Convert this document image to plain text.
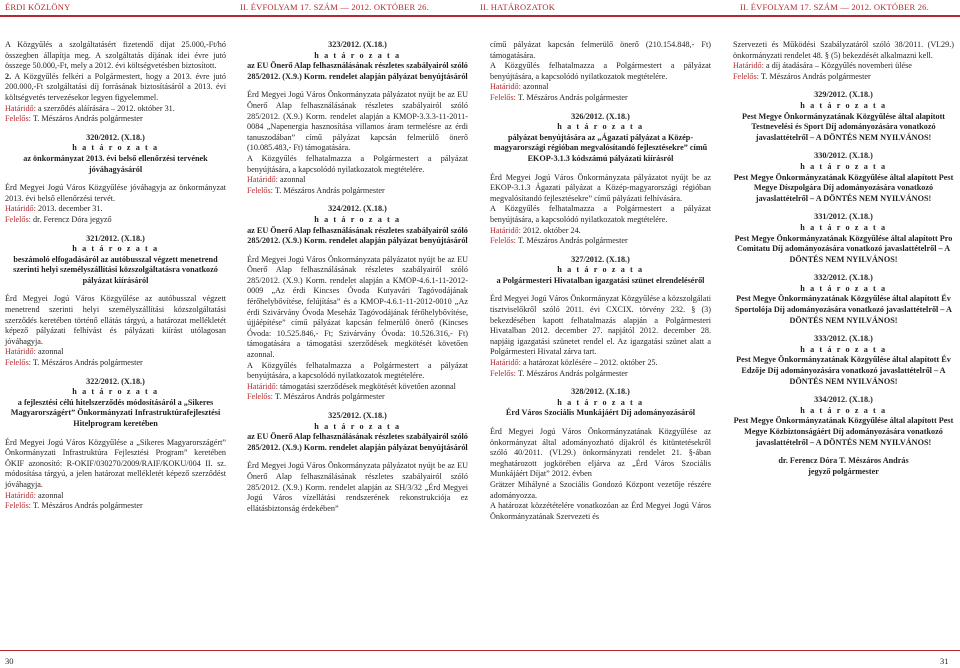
ÉRDI KÖZLÖNY	II. ÉVFOLYAM 17. SZÁM — 2012. OKTÓBER 26.	II. HATÁROZATOK	II. ÉVFOLYAM 17. SZÁM — 2012. OKTÓBER 26.

A Közgyűlés a szolgáltatásért fizetendő díjat 25.000,-Ft/hó összegben állapítja meg. A szolgáltatás díjának idei évre jutó összege 50.000,-Ft, mely a 2012. évi költségvetésben biztosított.

2. A Közgyűlés felkéri a Polgármestert, hogy a 2013. évre jutó 200.000,-Ft szolgáltatási díj forrásának biztosításáról a 2013. évi költségvetés tervezésekor legyen figyelemmel.

Határidő: a szerződés aláírására – 2012. október 31.

Felelős: T. Mészáros András polgármester

320/2012. (X.18.)

h a t á r o z a t a

az önkormányzat 2013. évi belső ellenőrzési tervének jóváhagyásáról

Érd Megyei Jogú Város Közgyűlése jóváhagyja az önkormányzat 2013. évi belső ellenőrzési tervét.

Határidő: 2013. december 31.

Felelős: dr. Ferencz Dóra jegyző

321/2012. (X.18.)

h a t á r o z a t a

beszámoló elfogadásáról az autóbusszal végzett menetrend szerinti helyi személyszállítási közszolgáltatásra vonatkozó pályázat kiírásáról

Érd Megyei Jogú Város Közgyűlése az autóbusszal végzett menetrend szerinti helyi személyszállítási közszolgáltatási szerződés keretében történő ellátás tárgyú, a határozat mellékletét képező pályázati felhívást és pályázati kiírást utólagosan jóváhagyja.

Határidő: azonnal

Felelős: T. Mészáros András polgármester

322/2012. (X.18.)

h a t á r o z a t a

a fejlesztési célú hitelszerződés módosításáról a „Sikeres Magyarországért” Önkormányzati Infrastruktúrafejlesztési Hitelprogram keretében

Érd Megyei Jogú Város Közgyűlése a „Sikeres Magyarországért” Önkormányzati Infrastruktúra Fejlesztési Program” keretében ÖKIF azonosító: R-OKIF/030270/2009/RAIF/KOKU/004 II. sz. módosítása tárgyú, a jelen határozat mellékletét képező szerződést jóváhagyja.

Határidő: azonnal

Felelős: T. Mészáros András polgármester

323/2012. (X.18.)

h a t á r o z a t a

az EU Önerő Alap felhasználásának részletes szabályairól szóló 285/2012. (X.9.) Korm. rendelet alapján pályázat benyújtásáról

Érd Megyei Jogú Város Önkormányzata pályázatot nyújt be az EU Önerő Alap felhasználásának részletes szabályairól szóló 285/2012. (X.9.) Korm. rendelet alapján a KMOP-3.3.3-11-2011-0084 „Napenergia hasznosítása villamos áram termelésre az érdi tanuszodában” című pályázat kapcsán felmerülő önerő (10.085.483,- Ft) támogatására.

A Közgyűlés felhatalmazza a Polgármestert a pályázat benyújtására, a kapcsolódó nyilatkozatok megtételére.

Határidő: azonnal

Felelős: T. Mészáros András polgármester

324/2012. (X.18.)

h a t á r o z a t a

az EU Önerő Alap felhasználásának részletes szabályairól szóló 285/2012. (X.9.) Korm. rendelet alapján pályázat benyújtásáról

Érd Megyei Jogú Város Önkormányzata pályázatot nyújt be az EU Önerő Alap felhasználásának részletes szabályairól szóló 285/2012. (X.9.) Korm. rendelet alapján a KMOP-4.6.1-11-2012-0009 „Az érdi Kincses Óvoda Kutyavári Tagóvodájának férőhelybővítése, felújítása” és a KMOP-4.6.1-11-2012-0010 „Az érdi Szivárvány Óvoda Meseház Tagóvodájának férőhelybővítése, újjáépítése” című pályázat kapcsán felmerülő önerő (Kincses Óvoda: 10.525.846,- Ft; Szivárvány Óvoda: 10.526.316,- Ft) támogatására a támogatási szerződések megkötését követően azonnal.

A Közgyűlés felhatalmazza a Polgármestert a pályázat benyújtására, a kapcsolódó nyilatkozatok megtételére.

Határidő: támogatási szerződések megkötését követően azonnal

Felelős: T. Mészáros András polgármester

325/2012. (X.18.)

h a t á r o z a t a

az EU Önerő Alap felhasználásának részletes szabályairól szóló 285/2012. (X.9.) Korm. rendelet alapján pályázat benyújtásáról

Érd Megyei Jogú Város Önkormányzata pályázatot nyújt be az EU Önerő Alap felhasználásának részletes szabályairól szóló 285/2012. (X.9.) Korm. rendelet alapján az SH/3/32 „Érd Megyei Jogú Város vízellátási rendszerének rekonstrukciója ez ellátásbiztonság érdekében”

című pályázat kapcsán felmerülő önerő (210.154.848,- Ft) támogatására.

A Közgyűlés felhatalmazza a Polgármestert a pályázat benyújtására, a kapcsolódó nyilatkozatok megtételére.

Határidő: azonnal

Felelős: T. Mészáros András polgármester

326/2012. (X.18.)

h a t á r o z a t a

pályázat benyújtására az „Ágazati pályázat a Közép-magyarországi régióban megvalósítandó fejlesztésekre” című EKOP-3.1.3 kódszámú pályázati kiírásról

Érd Megyei Jogú Város Önkormányzata pályázatot nyújt be az EKOP-3.1.3 Ágazati pályázat a Közép-magyarországi régióban megvalósítandó fejlesztésekre” című pályázati felhívására.

A Közgyűlés felhatalmazza a Polgármestert a pályázat benyújtására, a kapcsolódó nyilatkozatok megtételére.

Határidő: 2012. október 24.

Felelős: T. Mészáros András polgármester

327/2012. (X.18.)

h a t á r o z a t a

a Polgármesteri Hivatalban igazgatási szünet elrendeléséről

Érd Megyei Jogú Város Önkormányzat Közgyűlése a közszolgálati tisztviselőkről szóló 2011. évi CXCIX. törvény 232. § (3) bekezdésében kapott felhatalmazás alapján a Polgármesteri Hivatalban 2012. december 27. napjától 2012. december 28. napjáig igazgatási szünetet rendel el. Az igazgatási szünet alatt a Polgármesteri Hivatal zárva tart.

Határidő: a határozat közlésére – 2012. október 25.

Felelős: T. Mészáros András polgármester

328/2012. (X.18.)

h a t á r o z a t a

Érd Város Szociális Munkájáért Díj adományozásáról

Érd Megyei Jogú Város Önkormányzatának Közgyűlése az önkormányzat által adományozható díjakról és kitüntetésekről szóló 40/2011. (VI.29.) önkormányzati rendelet 21. §-ában meghatározott jogkörében eljárva az „Érd Város Szociális Munkájáért Díjat” 2012. évben

Grätzer Mihályné a Szociális Gondozó Központ vezetője részére adományozza.

A határozat közzétételére vonatkozóan az Érd Megyei Jogú Város Önkormányzatának Szervezeti és

Szervezeti és Működési Szabályzatáról szóló 38/2011. (VI.29.) önkormányzati rendelet 48. § (5) bekezdését alkalmazni kell.

Határidő: a díj átadására – Közgyűlés novemberi ülése

Felelős: T. Mészáros András polgármester

329/2012. (X.18.)

h a t á r o z a t a

Pest Megye Önkormányzatának Közgyűlése által alapított Testnevelési és Sport Díj adományozására vonatkozó javaslattételről – A DÖNTÉS NEM NYILVÁNOS!

330/2012. (X.18.)

h a t á r o z a t a

Pest Megye Önkormányzatának Közgyűlése által alapított Pest Megye Díszpolgára Díj adományozására vonatkozó javaslattételről – A DÖNTÉS NEM NYILVÁNOS!

331/2012. (X.18.)

h a t á r o z a t a

Pest Megye Önkormányzatának Közgyűlése által alapított Pro Comitatu Díj adományozására vonatkozó javaslattételről – A DÖNTÉS NEM NYILVÁNOS!

332/2012. (X.18.)

h a t á r o z a t a

Pest Megye Önkormányzatának Közgyűlése által alapított Év Sportolója Díj adományozására vonatkozó javaslattételről – A DÖNTÉS NEM NYILVÁNOS!

333/2012. (X.18.)

h a t á r o z a t a

Pest Megye Önkormányzatának Közgyűlése által alapított Év Edzője Díj adományozására vonatkozó javaslattételről – A DÖNTÉS NEM NYILVÁNOS!

334/2012. (X.18.)

h a t á r o z a t a

Pest Megye Önkormányzatának Közgyűlése által alapított Pest Megye Közbiztonságáért Díj adományozására vonatkozó javaslattételről – A DÖNTÉS NEM NYILVÁNOS!

dr. Ferencz Dóra T. Mészáros András

jegyző polgármester

30	31
